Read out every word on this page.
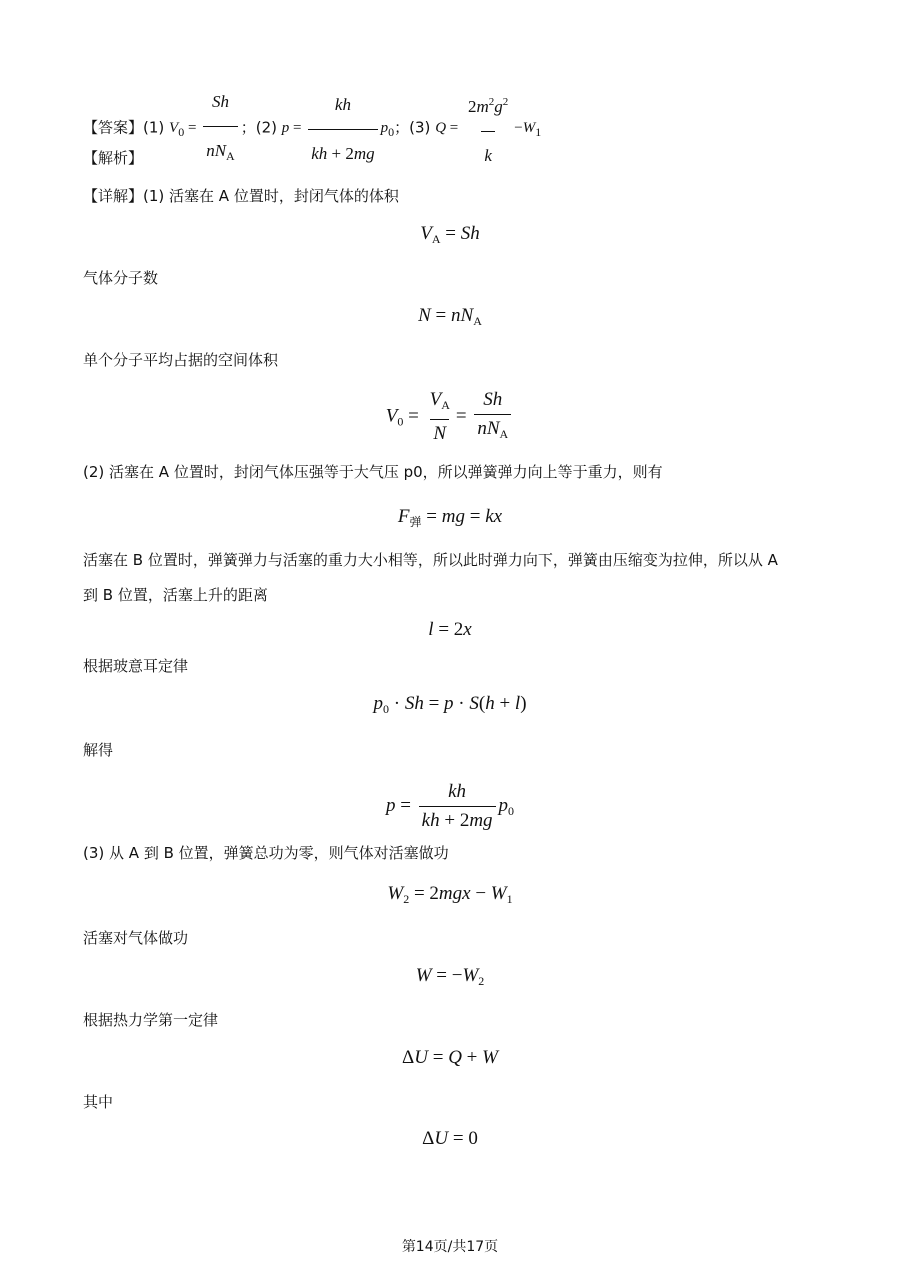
【答案】(1) $V_0 = \frac{Sh}{nN_A}$ ；(2) $p = \frac{kh}{kh + 2mg} p_0$；(3) $Q = \frac{2m^2g^2}{k} -W_1$
【解析】
【详解】(1) 活塞在 A 位置时，封闭气体的体积
$V_A = Sh$
气体分子数
$N = nN_A$
单个分子平均占据的空间体积
$V_0 = \frac{V_A}{N} = \frac{Sh}{nN_A}$
(2) 活塞在 A 位置时，封闭气体压强等于大气压 p0，所以弹簧弹力向上等于重力，则有
$F_弹$ = mg = kx
活塞在 B 位置时，弹簧弹力与活塞的重力大小相等，所以此时弹力向下，弹簧由压缩变为拉伸，所以从 A
到 B 位置，活塞上升的距离
l = 2x
根据玻意耳定律
$p_0 \cdot Sh = p \cdot S(h + l)$
解得
$p = \frac{kh}{kh + 2mg} p_0$
(3) 从 A 到 B 位置，弹簧总功为零，则气体对活塞做功
$W_2 = 2mgx - W_1$
活塞对气体做功
$W = -W_2$
根据热力学第一定律
ΔU = Q + W
其中
ΔU = 0
第14页/共17页
